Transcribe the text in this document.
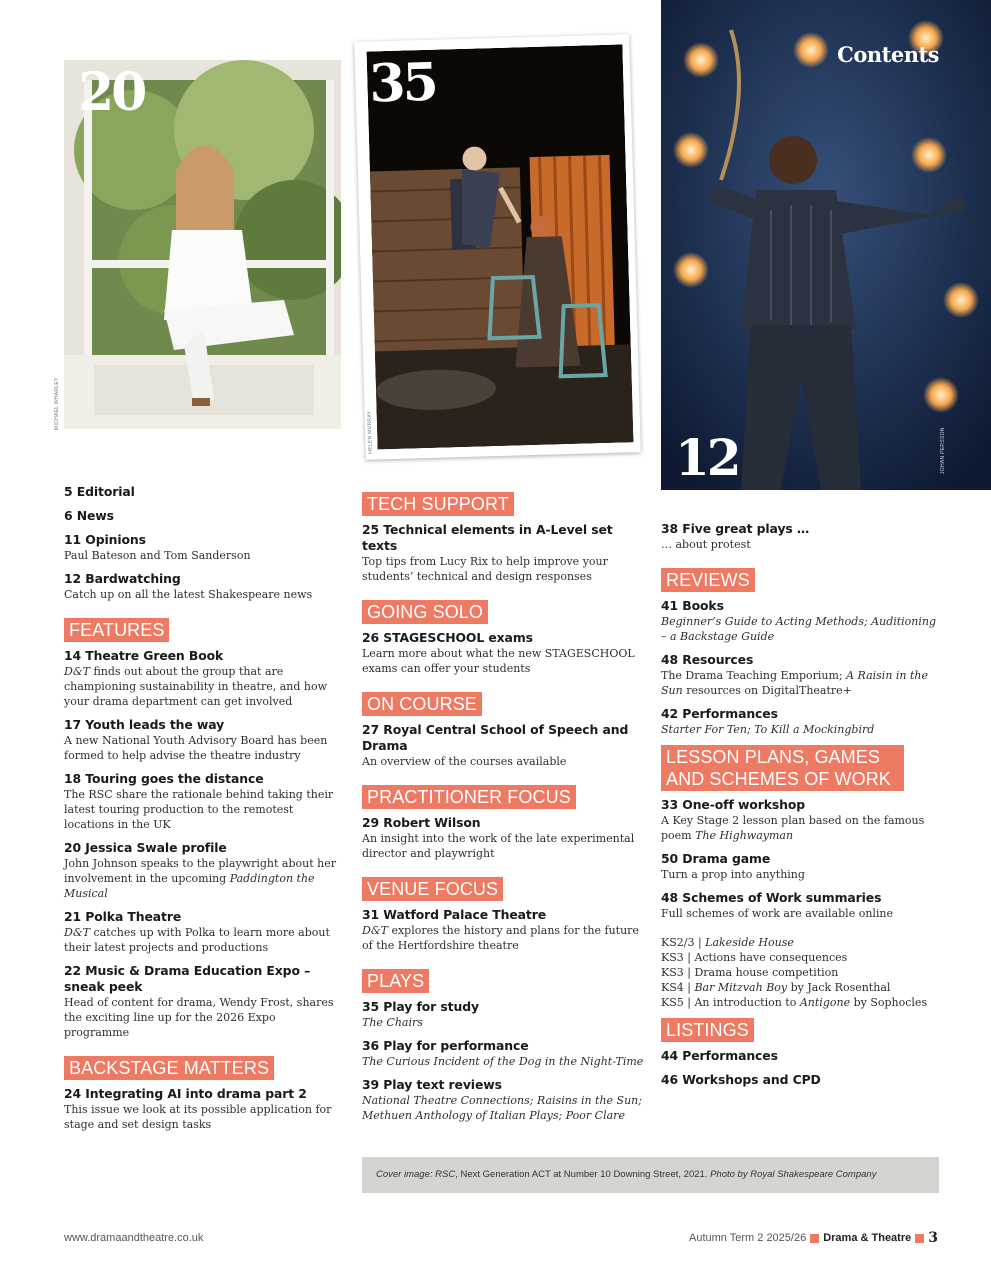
20
MICHAEL WHARLEY
35
HELEN MURRAY
Contents
12	JOHAN PERSSON
5 Editorial
6 News
11 Opinions
Paul Bateson and Tom Sanderson
12 Bardwatching
Catch up on all the latest Shakespeare news
FEATURES
14 Theatre Green Book
D&T finds out about the group that are championing sustainability in theatre, and how your drama department can get involved
17 Youth leads the way
A new National Youth Advisory Board has been formed to help advise the theatre industry
18 Touring goes the distance
The RSC share the rationale behind taking their latest touring production to the remotest locations in the UK
20 Jessica Swale profile
John Johnson speaks to the playwright about her involvement in the upcoming Paddington the Musical
21 Polka Theatre
D&T catches up with Polka to learn more about their latest projects and productions
22 Music & Drama Education Expo – sneak peek
Head of content for drama, Wendy Frost, shares the exciting line up for the 2026 Expo programme
BACKSTAGE MATTERS
24 Integrating AI into drama part 2
This issue we look at its possible application for stage and set design tasks
TECH SUPPORT
25 Technical elements in A-Level set texts
Top tips from Lucy Rix to help improve your students’ technical and design responses
GOING SOLO
26 STAGESCHOOL exams
Learn more about what the new STAGESCHOOL exams can offer your students
ON COURSE
27 Royal Central School of Speech and Drama
An overview of the courses available
PRACTITIONER FOCUS
29 Robert Wilson
An insight into the work of the late experimental director and playwright
VENUE FOCUS
31 Watford Palace Theatre
D&T explores the history and plans for the future of the Hertfordshire theatre
PLAYS
35 Play for study
The Chairs
36 Play for performance
The Curious Incident of the Dog in the Night-Time
39 Play text reviews
National Theatre Connections; Raisins in the Sun; Methuen Anthology of Italian Plays; Poor Clare
38 Five great plays …
… about protest
REVIEWS
41 Books
Beginner’s Guide to Acting Methods; Auditioning – a Backstage Guide
48 Resources
The Drama Teaching Emporium; A Raisin in the Sun resources on DigitalTheatre+
42 Performances
Starter For Ten; To Kill a Mockingbird
LESSON PLANS, GAMES AND SCHEMES OF WORK
33 One-off workshop
A Key Stage 2 lesson plan based on the famous poem The Highwayman
50 Drama game
Turn a prop into anything
48 Schemes of Work summaries
Full schemes of work are available online
KS2/3 | Lakeside House
KS3 | Actions have consequences
KS3 | Drama house competition
KS4 | Bar Mitzvah Boy by Jack Rosenthal
KS5 | An introduction to Antigone by Sophocles
LISTINGS
44 Performances
46 Workshops and CPD
Cover image: RSC, Next Generation ACT at Number 10 Downing Street, 2021. Photo by Royal Shakespeare Company
www.dramaandtheatre.co.uk	Autumn Term 2 2025/26 Drama & Theatre 3
